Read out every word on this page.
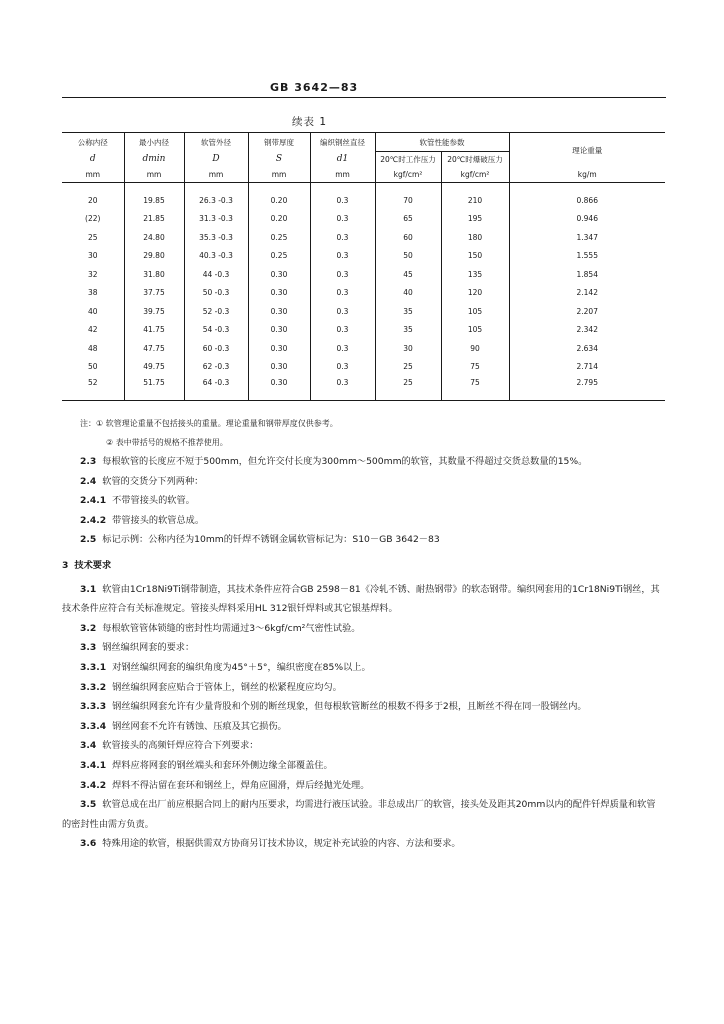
GB 3642—83
续表 1
公称内径	最小内径	软管外径	钢带厚度	编织钢丝直径	软管性能参数		理论重量
d	dmin	D	S	d1	20℃时工作压力	20℃时爆破压力	
mm	mm	mm	mm	mm	kgf/cm²	kgf/cm²	kg/m

20	19.85	26.3 -0.3	0.20	0.3	70	210	0.866
(22)	21.85	31.3 -0.3	0.20	0.3	65	195	0.946
25	24.80	35.3 -0.3	0.25	0.3	60	180	1.347
30	29.80	40.3 -0.3	0.25	0.3	50	150	1.555
32	31.80	44 -0.3	0.30	0.3	45	135	1.854
38	37.75	50 -0.3	0.30	0.3	40	120	2.142
40	39.75	52 -0.3	0.30	0.3	35	105	2.207
42	41.75	54 -0.3	0.30	0.3	35	105	2.342
48	47.75	60 -0.3	0.30	0.3	30	90	2.634
50	49.75	62 -0.3	0.30	0.3	25	75	2.714
52	51.75	64 -0.3	0.30	0.3	25	75	2.795
注：① 软管理论重量不包括接头的重量。理论重量和钢带厚度仅供参考。
② 表中带括号的规格不推荐使用。

2.3 每根软管的长度应不短于500mm，但允许交付长度为300mm～500mm的软管，其数量不得超过交货总数量的15%。

2.4 软管的交货分下列两种：

2.4.1 不带管接头的软管。

2.4.2 带管接头的软管总成。

2.5 标记示例：公称内径为10mm的钎焊不锈钢金属软管标记为：S10－GB 3642－83

3 技术要求

3.1 软管由1Cr18Ni9Ti钢带制造，其技术条件应符合GB 2598－81《冷轧不锈、耐热钢带》的软态钢带。编织网套用的1Cr18Ni9Ti钢丝，其技术条件应符合有关标准规定。管接头焊料采用HL 312银钎焊料或其它银基焊料。

3.2 每根软管管体锁缝的密封性均需通过3～6kgf/cm²气密性试验。

3.3 钢丝编织网套的要求：

3.3.1 对钢丝编织网套的编织角度为45°＋5°，编织密度在85%以上。

3.3.2 钢丝编织网套应贴合于管体上，钢丝的松紧程度应均匀。

3.3.3 钢丝编织网套允许有少量背股和个别的断丝现象，但每根软管断丝的根数不得多于2根，且断丝不得在同一股钢丝内。

3.3.4 钢丝网套不允许有锈蚀、压痕及其它损伤。

3.4 软管接头的高频钎焊应符合下列要求：

3.4.1 焊料应将网套的钢丝端头和套环外侧边缘全部覆盖住。

3.4.2 焊料不得沾留在套环和钢丝上，焊角应圆滑，焊后经抛光处理。

3.5 软管总成在出厂前应根据合同上的耐内压要求，均需进行液压试验。非总成出厂的软管，接头处及距其20mm以内的配件钎焊质量和软管的密封性由需方负责。

3.6 特殊用途的软管，根据供需双方协商另订技术协议，规定补充试验的内容、方法和要求。
